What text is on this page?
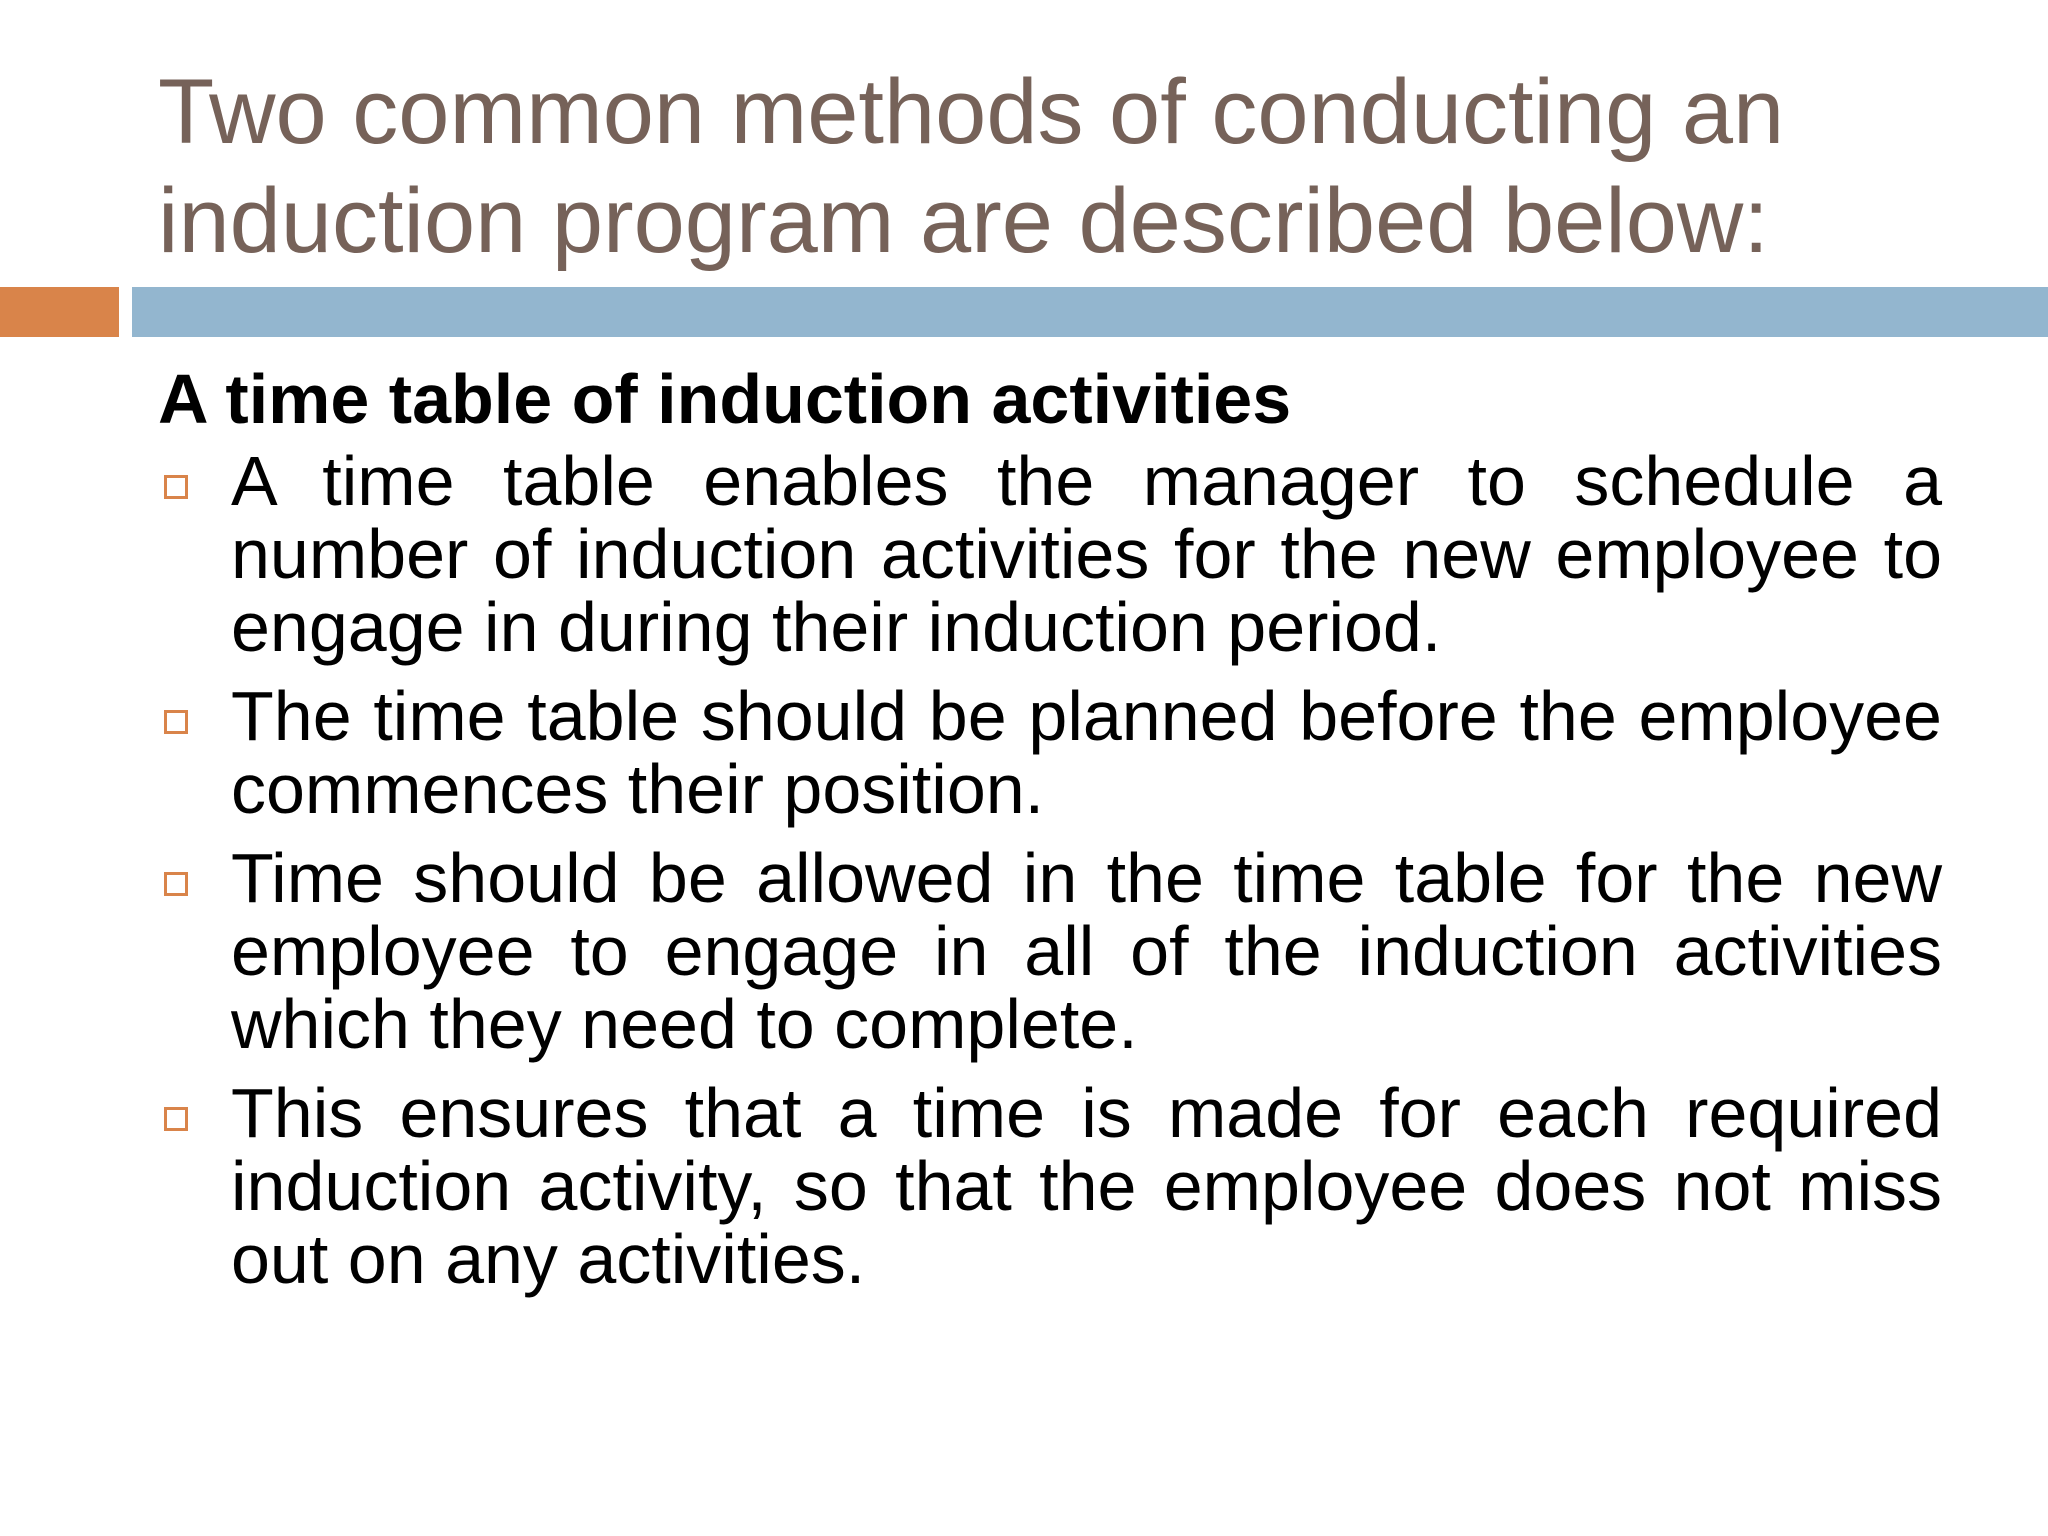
Two common methods of conducting an induction program are described below:
A time table of induction activities
A time table enables the manager to schedule a number of induction activities for the new employee to engage in during their induction period.
The time table should be planned before the employee commences their position.
Time should be allowed in the time table for the new employee to engage in all of the induction activities which they need to complete.
This ensures that a time is made for each required induction activity, so that the employee does not miss out on any activities.
